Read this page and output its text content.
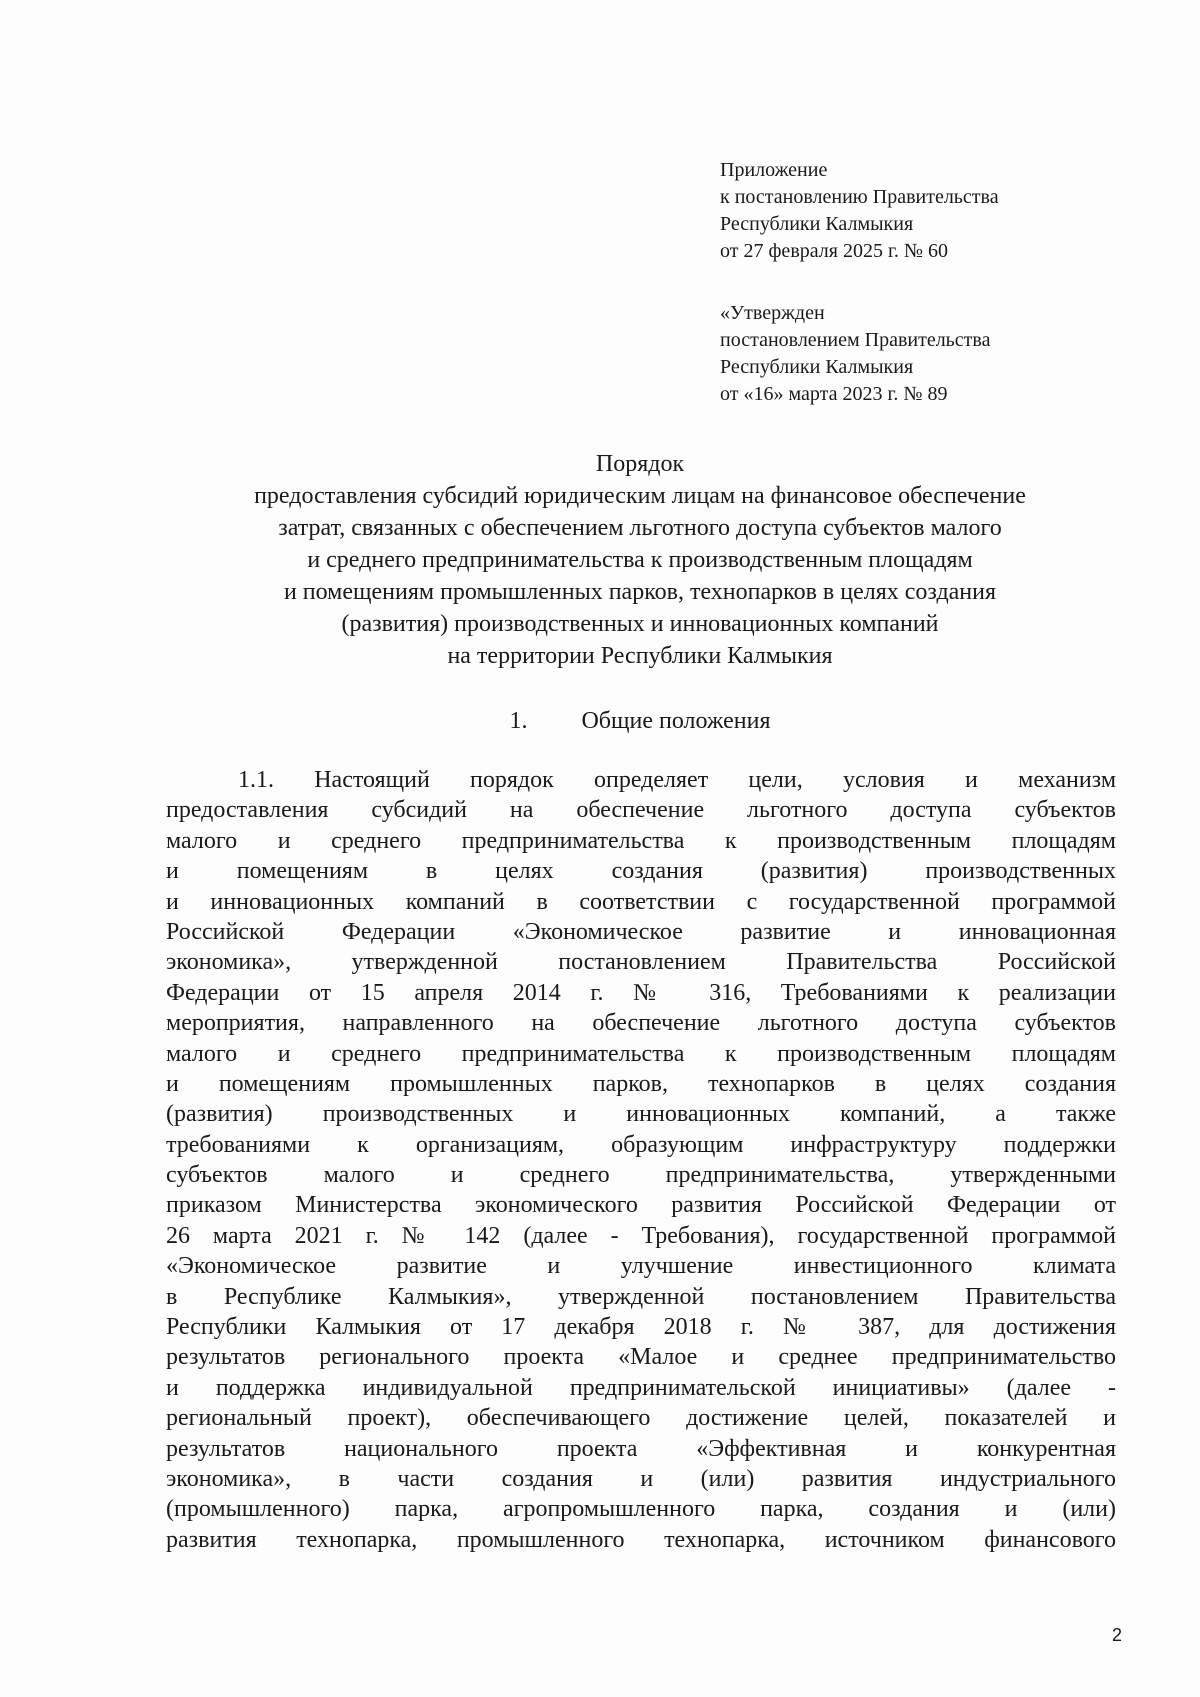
Приложение
к постановлению Правительства
Республики Калмыкия
от 27 февраля 2025 г. № 60
«Утвержден
постановлением Правительства
Республики Калмыкия
от «16» марта 2023 г. № 89
Порядок
предоставления субсидий юридическим лицам на финансовое обеспечение
затрат, связанных с обеспечением льготного доступа субъектов малого
и среднего предпринимательства к производственным площадям
и помещениям промышленных парков, технопарков в целях создания
(развития) производственных и инновационных компаний
на территории Республики Калмыкия
1. Общие положения
1.1. Настоящий порядок определяет цели, условия и механизм
предоставления субсидий на обеспечение льготного доступа субъектов
малого и среднего предпринимательства к производственным площадям
и помещениям в целях создания (развития) производственных
и инновационных компаний в соответствии с государственной программой
Российской Федерации «Экономическое развитие и инновационная
экономика», утвержденной постановлением Правительства Российской
Федерации от 15 апреля 2014 г. № 316, Требованиями к реализации
мероприятия, направленного на обеспечение льготного доступа субъектов
малого и среднего предпринимательства к производственным площадям
и помещениям промышленных парков, технопарков в целях создания
(развития) производственных и инновационных компаний, а также
требованиями к организациям, образующим инфраструктуру поддержки
субъектов малого и среднего предпринимательства, утвержденными
приказом Министерства экономического развития Российской Федерации от
26 марта 2021 г. № 142 (далее - Требования), государственной программой
«Экономическое развитие и улучшение инвестиционного климата
в Республике Калмыкия», утвержденной постановлением Правительства
Республики Калмыкия от 17 декабря 2018 г. № 387, для достижения
результатов регионального проекта «Малое и среднее предпринимательство
и поддержка индивидуальной предпринимательской инициативы» (далее -
региональный проект), обеспечивающего достижение целей, показателей и
результатов национального проекта «Эффективная и конкурентная
экономика», в части создания и (или) развития индустриального
(промышленного) парка, агропромышленного парка, создания и (или)
развития технопарка, промышленного технопарка, источником финансового
2
